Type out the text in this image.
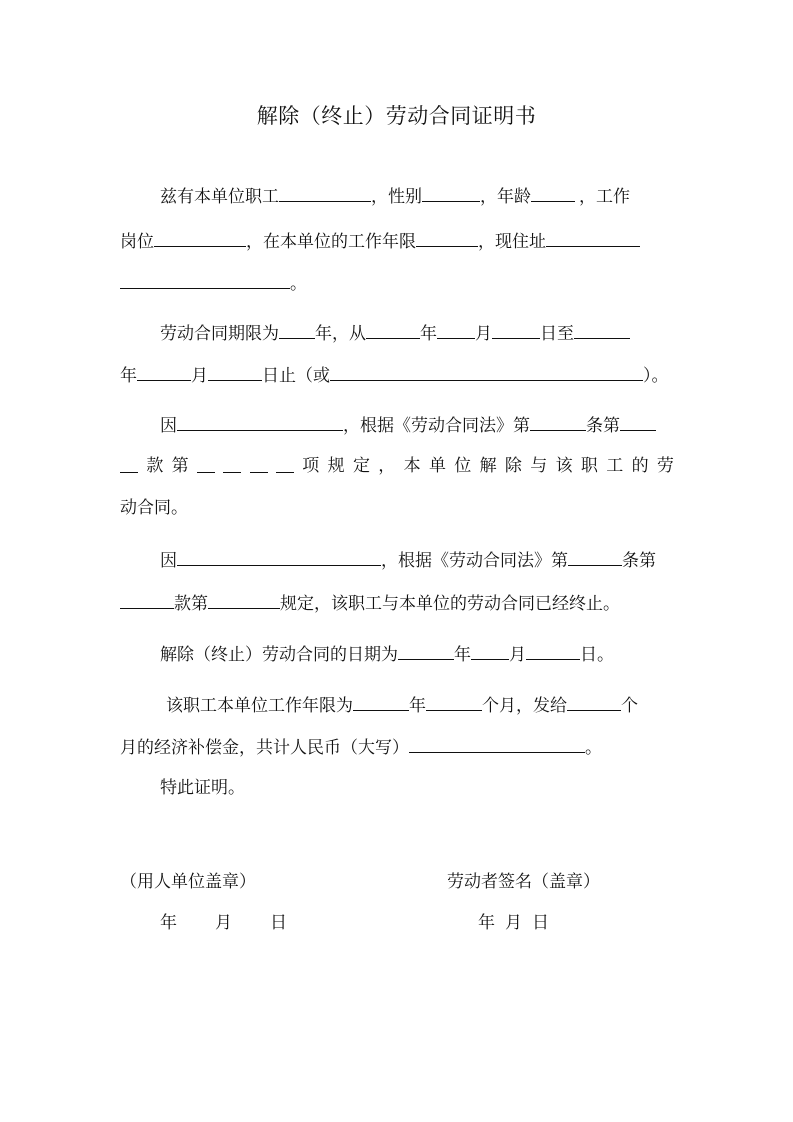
解除（终止）劳动合同证明书
兹有本单位职工	，性别	，年龄	，工作
岗位	，在本单位的工作年限	，现住址
。
劳动合同期限为 年，从	年 月	日至
年	月	日止（或	）。
因	，根据《劳动合同法》第	条第
款 第	项 规 定 ， 本 单 位 解 除 与 该 职 工 的 劳
动合同。
因	，根据《劳动合同法》第	条第
款第	规定，该职工与本单位的劳动合同已经终止。
解除（终止）劳动合同的日期为	年 月	日。
该职工本单位工作年限为	年	个月，发给	个
月的经济补偿金，共计人民币（大写）	。
特此证明。
（用人单位盖章）	劳动者签名（盖章）
年 月 日	年 月 日
